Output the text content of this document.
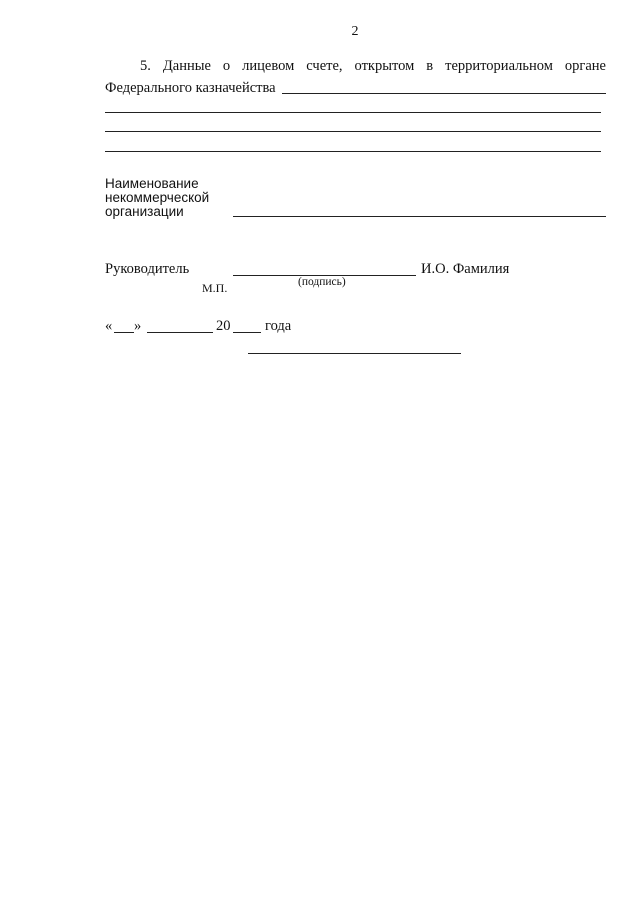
2
5. Данные о лицевом счете, открытом в территориальном органе
Федерального казначейства
Наименование
некоммерческой
организации
Руководитель	И.О. Фамилия
(подпись)
М.П.
« »	20 года
